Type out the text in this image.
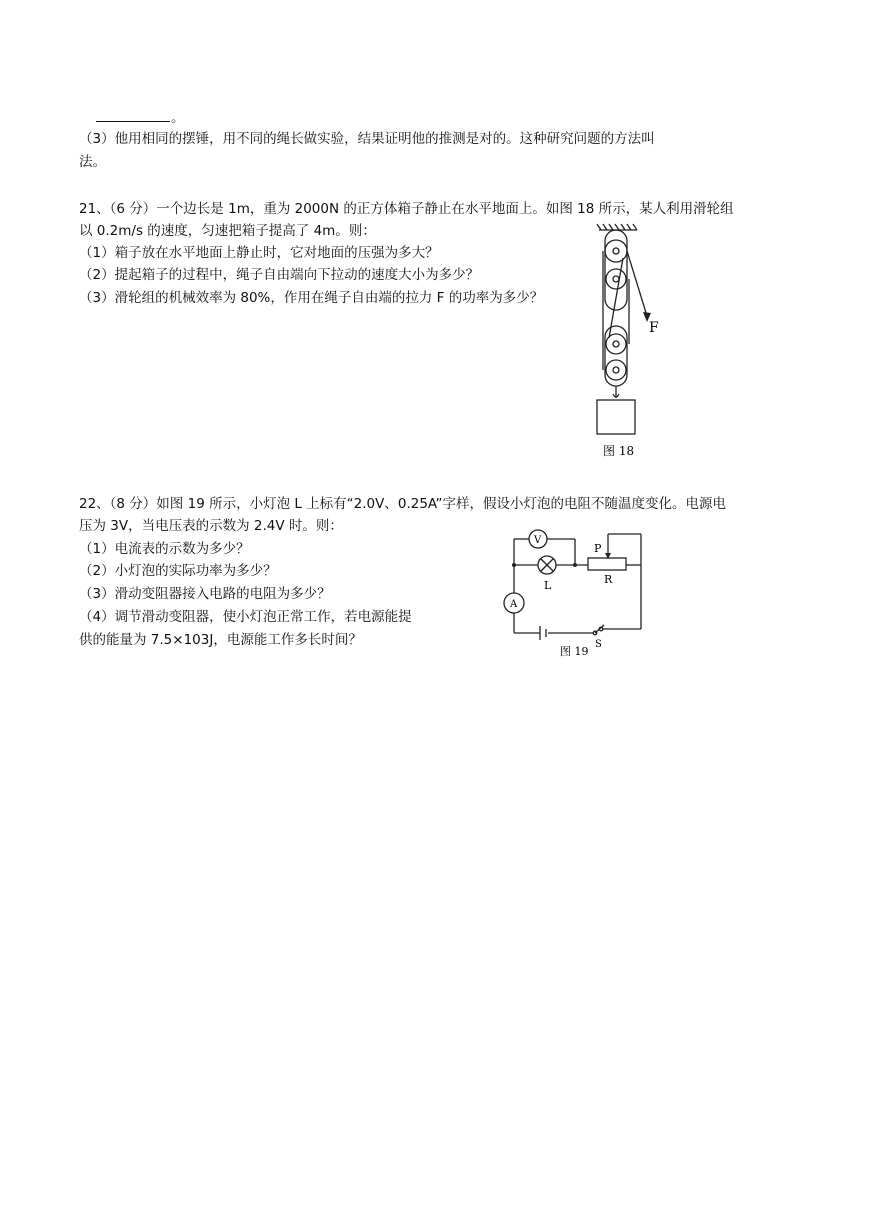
。
（3）他用相同的摆锤，用不同的绳长做实验，结果证明他的推测是对的。这种研究问题的方法叫
法。
21、（6 分）一个边长是 1m，重为 2000N 的正方体箱子静止在水平地面上。如图 18 所示，某人利用滑轮组
以 0.2m/s 的速度，匀速把箱子提高了 4m。则：
（1）箱子放在水平地面上静止时，它对地面的压强为多大？
（2）提起箱子的过程中，绳子自由端向下拉动的速度大小为多少？
（3）滑轮组的机械效率为 80%，作用在绳子自由端的拉力 F 的功率为多少？
F
图 18
22、（8 分）如图 19 所示，小灯泡 L 上标有“2.0V、0.25A”字样，假设小灯泡的电阻不随温度变化。电源电
压为 3V，当电压表的示数为 2.4V 时。则：
（1）电流表的示数为多少？
（2）小灯泡的实际功率为多少？
（3）滑动变阻器接入电路的电阻为多少？
（4）调节滑动变阻器，使小灯泡正常工作，若电源能提
供的能量为 7.5×103J，电源能工作多长时间？
V
A
P
R
L
S
图 19
